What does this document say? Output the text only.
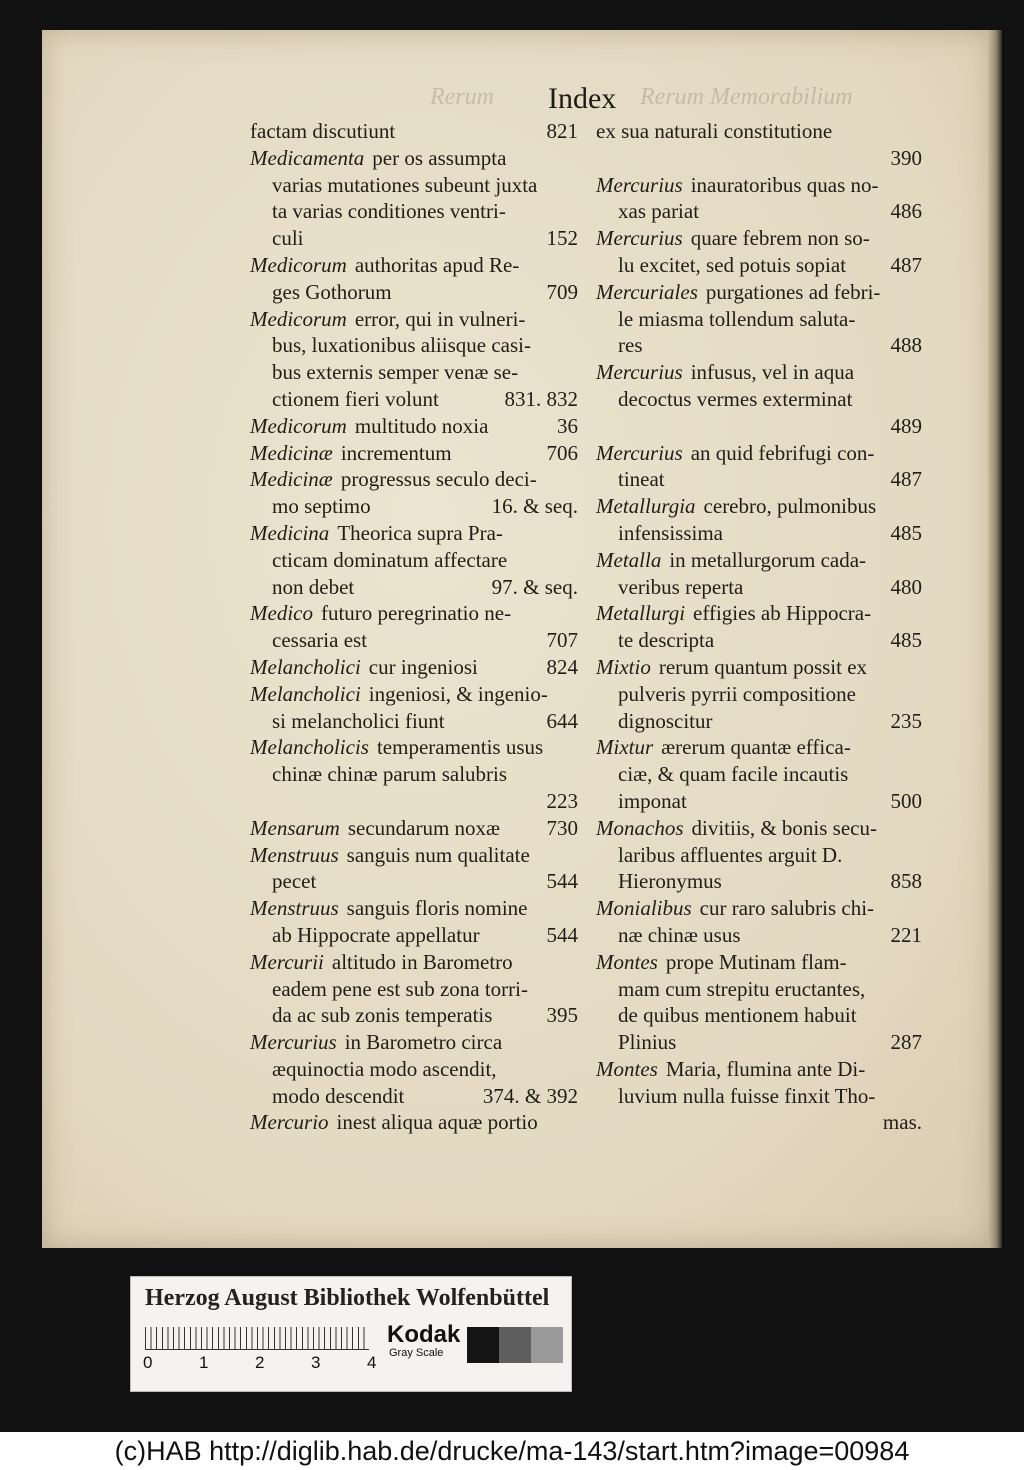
Rerum	Rerum Memorabilium
Index
factam discutiunt	821
Medicamenta per os assumpta
varias mutationes subeunt juxta
ta varias conditiones ventri-
culi	152
Medicorum authoritas apud Re-
ges Gothorum	709
Medicorum error, qui in vulneri-
bus, luxationibus aliisque casi-
bus externis semper venæ se-
ctionem fieri volunt	831. 832
Medicorum multitudo noxia	36
Medicinæ incrementum	706
Medicinæ progressus seculo deci-
mo septimo	16. & seq.
Medicina Theorica supra Pra-
cticam dominatum affectare
non debet	97. & seq.
Medico futuro peregrinatio ne-
cessaria est	707
Melancholici cur ingeniosi	824
Melancholici ingeniosi, & ingenio-
si melancholici fiunt	644
Melancholicis temperamentis usus
chinæ chinæ parum salubris
223
Mensarum secundarum noxæ 730
Menstruus sanguis num qualitate
pecet	544
Menstruus sanguis floris nomine
ab Hippocrate appellatur	544
Mercurii altitudo in Barometro
eadem pene est sub zona torri-
da ac sub zonis temperatis	395
Mercurius in Barometro circa
æquinoctia modo ascendit,
modo descendit	374. & 392
Mercurio inest aliqua aquæ portio
ex sua naturali constitutione
390
Mercurius inauratoribus quas no-
xas pariat	486
Mercurius quare febrem non so-
lu excitet, sed potuis sopiat 487
Mercuriales purgationes ad febri-
le miasma tollendum saluta-
res	488
Mercurius infusus, vel in aqua
decoctus vermes exterminat
489
Mercurius an quid febrifugi con-
tineat	487
Metallurgia cerebro, pulmonibus
infensissima	485
Metalla in metallurgorum cada-
veribus reperta	480
Metallurgi effigies ab Hippocra-
te descripta	485
Mixtio rerum quantum possit ex
pulveris pyrrii compositione
dignoscitur	235
Mixtur ærerum quantæ effica-
ciæ, & quam facile incautis
imponat	500
Monachos divitiis, & bonis secu-
laribus affluentes arguit D.
Hieronymus	858
Monialibus cur raro salubris chi-
næ chinæ usus	221
Montes prope Mutinam flam-
mam cum strepitu eructantes,
de quibus mentionem habuit
Plinius	287
Montes Maria, flumina ante Di-
luvium nulla fuisse finxit Tho-
mas.
Herzog August Bibliothek Wolfenbüttel
0	1	2	3	4
Kodak
Gray Scale
(c)HAB http://diglib.hab.de/drucke/ma-143/start.htm?image=00984
